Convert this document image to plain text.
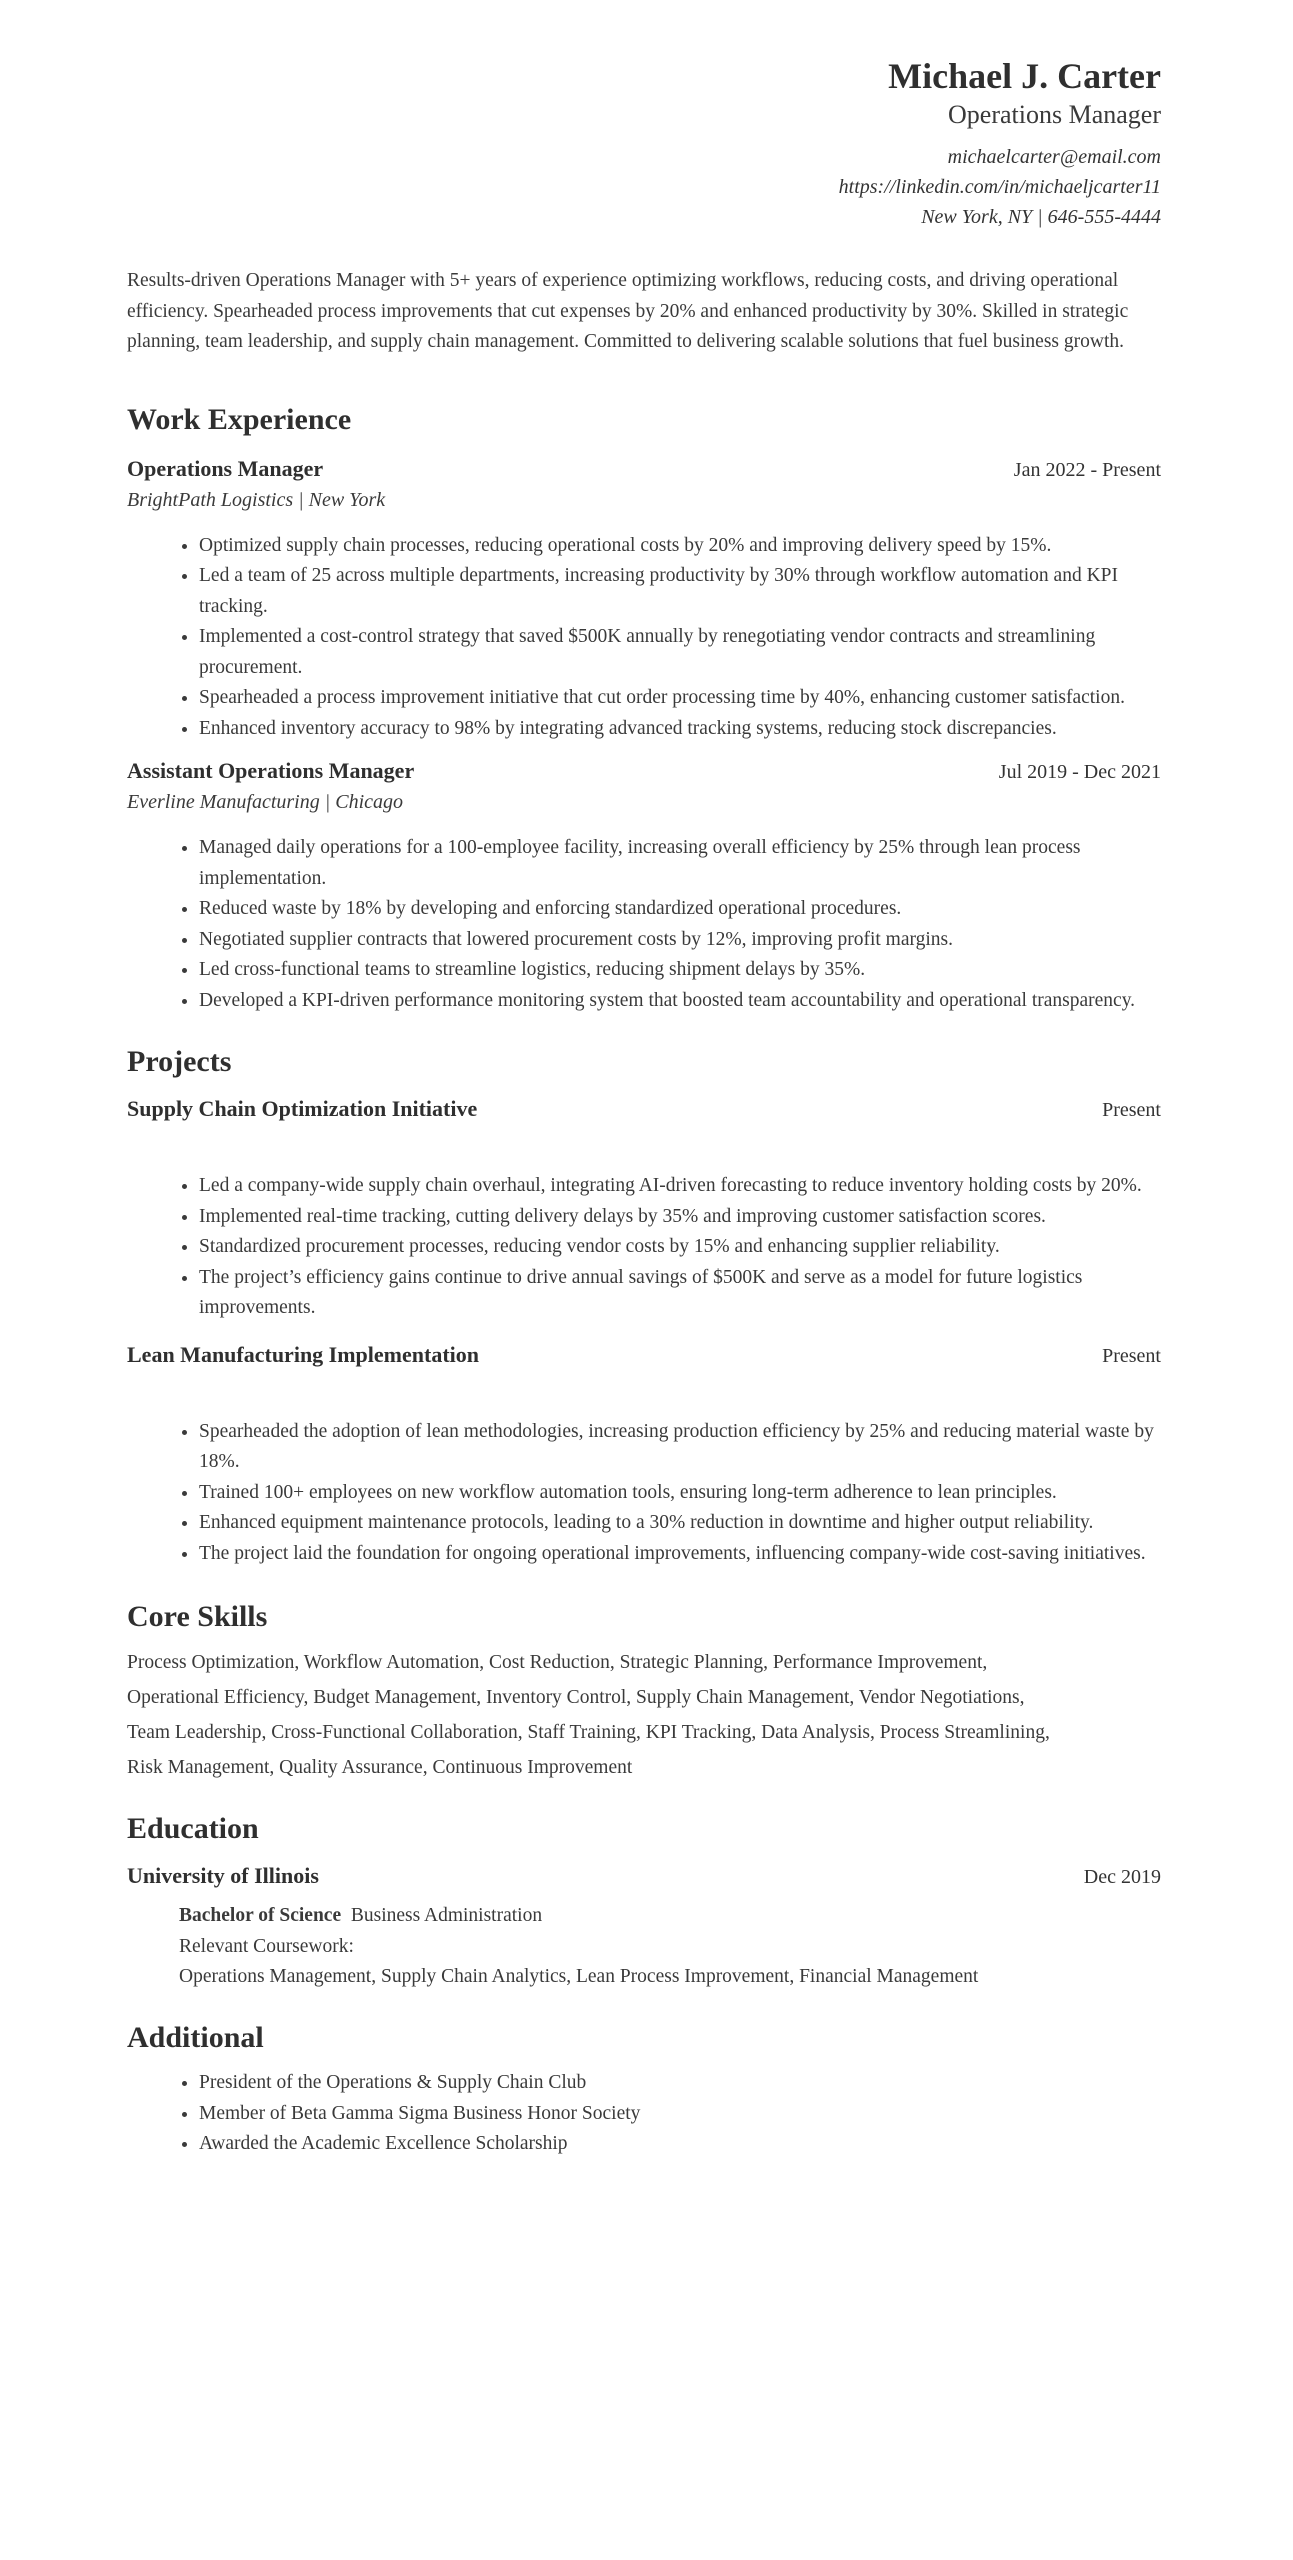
Michael J. Carter
Operations Manager
michaelcarter@email.com
https://linkedin.com/in/michaeljcarter11
New York, NY | 646-555-4444
Results-driven Operations Manager with 5+ years of experience optimizing workflows, reducing costs, and driving operational efficiency. Spearheaded process improvements that cut expenses by 20% and enhanced productivity by 30%. Skilled in strategic planning, team leadership, and supply chain management. Committed to delivering scalable solutions that fuel business growth.
Work Experience
Operations Manager	Jan 2022 - Present
BrightPath Logistics | New York
• Optimized supply chain processes, reducing operational costs by 20% and improving delivery speed by 15%.
• Led a team of 25 across multiple departments, increasing productivity by 30% through workflow automation and KPI tracking.
• Implemented a cost-control strategy that saved $500K annually by renegotiating vendor contracts and streamlining procurement.
• Spearheaded a process improvement initiative that cut order processing time by 40%, enhancing customer satisfaction.
• Enhanced inventory accuracy to 98% by integrating advanced tracking systems, reducing stock discrepancies.
Assistant Operations Manager	Jul 2019 - Dec 2021
Everline Manufacturing | Chicago
• Managed daily operations for a 100-employee facility, increasing overall efficiency by 25% through lean process implementation.
• Reduced waste by 18% by developing and enforcing standardized operational procedures.
• Negotiated supplier contracts that lowered procurement costs by 12%, improving profit margins.
• Led cross-functional teams to streamline logistics, reducing shipment delays by 35%.
• Developed a KPI-driven performance monitoring system that boosted team accountability and operational transparency.
Projects
Supply Chain Optimization Initiative	Present
• Led a company-wide supply chain overhaul, integrating AI-driven forecasting to reduce inventory holding costs by 20%.
• Implemented real-time tracking, cutting delivery delays by 35% and improving customer satisfaction scores.
• Standardized procurement processes, reducing vendor costs by 15% and enhancing supplier reliability.
• The project’s efficiency gains continue to drive annual savings of $500K and serve as a model for future logistics improvements.
Lean Manufacturing Implementation	Present
• Spearheaded the adoption of lean methodologies, increasing production efficiency by 25% and reducing material waste by 18%.
• Trained 100+ employees on new workflow automation tools, ensuring long-term adherence to lean principles.
• Enhanced equipment maintenance protocols, leading to a 30% reduction in downtime and higher output reliability.
• The project laid the foundation for ongoing operational improvements, influencing company-wide cost-saving initiatives.
Core Skills
Process Optimization, Workflow Automation, Cost Reduction, Strategic Planning, Performance Improvement,
Operational Efficiency, Budget Management, Inventory Control, Supply Chain Management, Vendor Negotiations,
Team Leadership, Cross-Functional Collaboration, Staff Training, KPI Tracking, Data Analysis, Process Streamlining,
Risk Management, Quality Assurance, Continuous Improvement
Education
University of Illinois	Dec 2019
Bachelor of Science Business Administration
Relevant Coursework:
Operations Management, Supply Chain Analytics, Lean Process Improvement, Financial Management
Additional
• President of the Operations & Supply Chain Club
• Member of Beta Gamma Sigma Business Honor Society
• Awarded the Academic Excellence Scholarship
